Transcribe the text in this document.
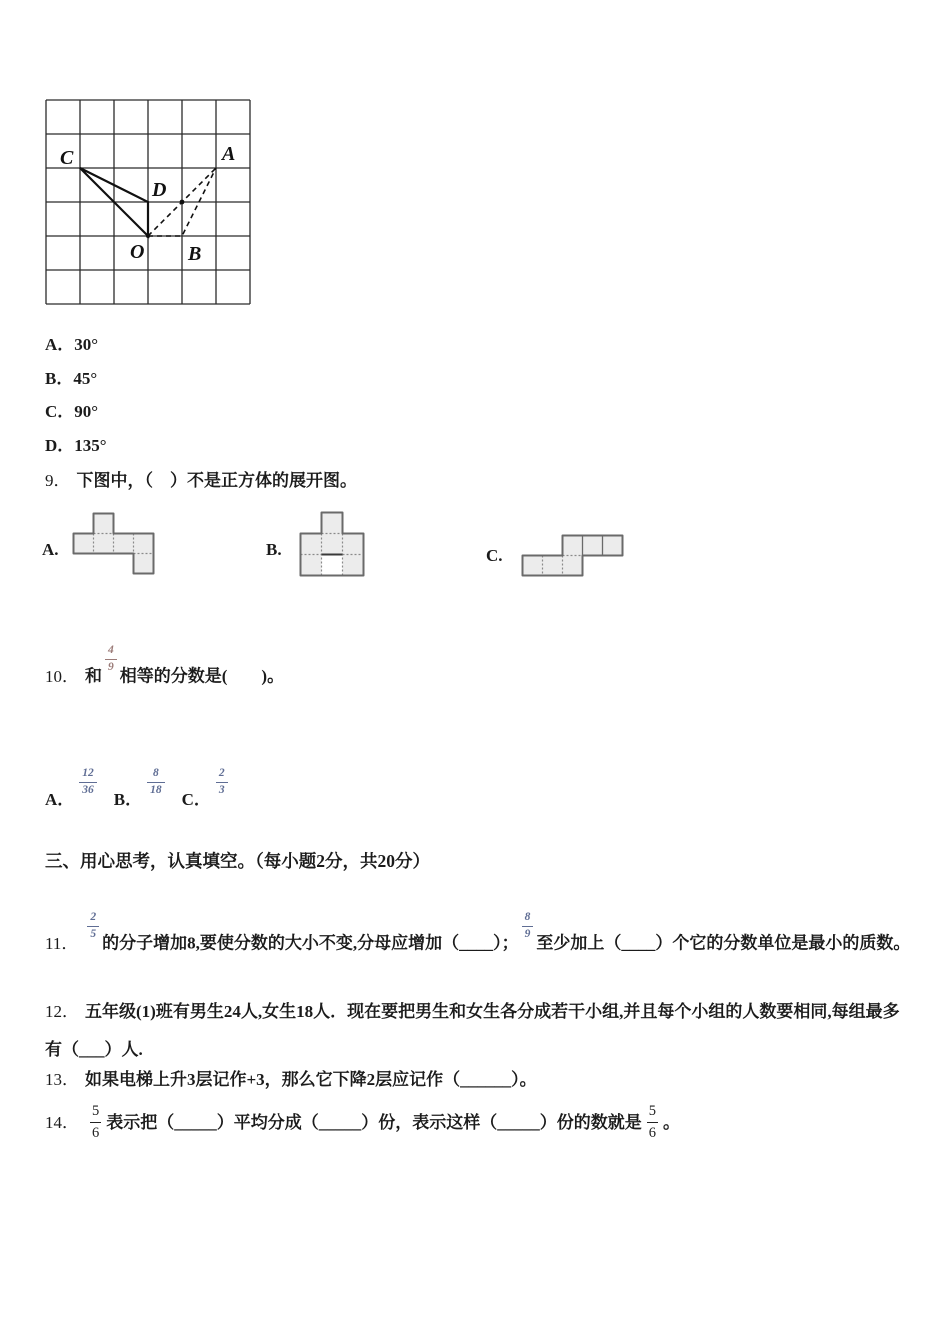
C	A
D
O B
A．30°
B．45°
C．90°
D．135°
9． 下图中，（　）不是正方体的展开图。
A.	B.	C.
10． 和
$\frac{4}{9}$
相等的分数是(　　)。
A．
$\frac{12}{36}$
B．
$\frac{8}{18}$
C．
$\frac{2}{3}$
三、用心思考，认真填空。（每小题2分，共20分）
11．
$\frac{2}{5}$
的分子增加8,要使分数的大小不变,分母应增加（____）；
$\frac{8}{9}$
至少加上（____）个它的分数单位是最小的质数。
12． 五年级(1)班有男生24人,女生18人．现在要把男生和女生各分成若干小组,并且每个小组的人数要相同,每组最多
有（___）人.
13． 如果电梯上升3层记作+3，那么它下降2层应记作（______）。
14． $\frac{5}{6}$ 表示把（_____）平均分成（_____）份，表示这样（_____）份的数就是 $\frac{5}{6}$ 。
